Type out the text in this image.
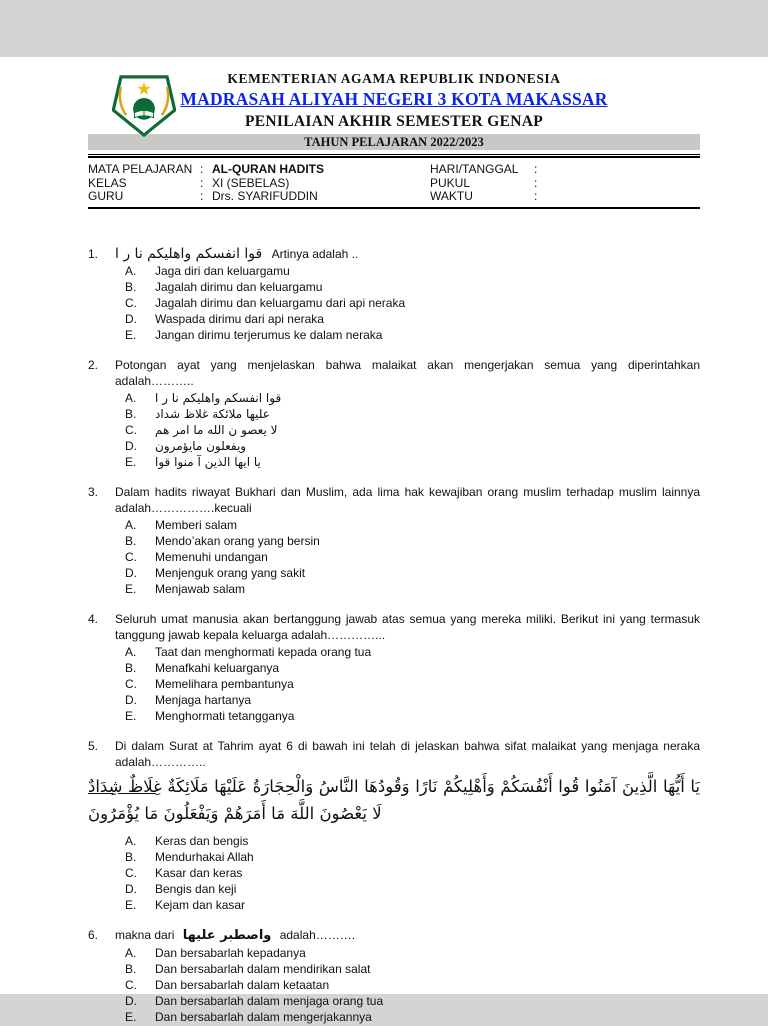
KEMENTERIAN AGAMA REPUBLIK INDONESIA
MADRASAH ALIYAH NEGERI 3 KOTA MAKASSAR
PENILAIAN AKHIR SEMESTER GENAP
TAHUN PELAJARAN 2022/2023
MATA PELAJARAN : AL-QURAN HADITS	HARI/TANGGAL	:
KELAS	: XI (SEBELAS)	PUKUL	:
GURU	: Drs. SYARIFUDDIN	WAKTU	:
1.	قوا انفسكم واهليكم نا ر ا Artinya adalah ..
A.	Jaga diri dan keluargamu
B.	Jagalah dirimu dan keluargamu
C.	Jagalah dirimu dan keluargamu dari api neraka
D.	Waspada dirimu dari api neraka
E.	Jangan dirimu terjerumus ke dalam neraka
2.	Potongan ayat yang menjelaskan bahwa malaikat akan mengerjakan semua yang diperintahkan adalah………..
A.	قوا انفسكم واهليكم نا ر ا
B.	عليها ملائكة غلاظ شداد
C.	لا يعصو ن الله ما امر هم
D.	ويفعلون مايؤمرون
E.	يا ايها الذين آ منوا قوا
3.	Dalam hadits riwayat Bukhari dan Muslim, ada lima hak kewajiban orang muslim terhadap muslim lainnya adalah…………….kecuali
A.	Memberi salam
B.	Mendo’akan orang yang bersin
C.	Memenuhi undangan
D.	Menjenguk orang yang sakit
E.	Menjawab salam
4.	Seluruh umat manusia akan bertanggung jawab atas semua yang mereka miliki. Berikut ini yang termasuk tanggung jawab kepala keluarga adalah…………...
A.	Taat dan menghormati kepada orang tua
B.	Menafkahi keluarganya
C.	Memelihara pembantunya
D.	Menjaga hartanya
E.	Menghormati tetangganya
5.	Di dalam Surat at Tahrim ayat 6 di bawah ini telah di jelaskan bahwa sifat malaikat yang menjaga neraka adalah…………..
يَا أَيُّهَا الَّذِينَ آمَنُوا قُوا أَنْفُسَكُمْ وَأَهْلِيكُمْ نَارًا وَقُودُهَا النَّاسُ وَالْحِجَارَةُ عَلَيْهَا مَلَائِكَةٌ غِلَاظٌ شِدَادٌ لَا يَعْصُونَ اللَّهَ مَا أَمَرَهُمْ وَيَفْعَلُونَ مَا يُؤْمَرُونَ
A.	Keras dan bengis
B.	Mendurhakai Allah
C.	Kasar dan keras
D.	Bengis dan keji
E.	Kejam dan kasar
6.	makna dari واصطبر عليها adalah……….
A.	Dan bersabarlah kepadanya
B.	Dan bersabarlah dalam mendirikan salat
C.	Dan bersabarlah dalam ketaatan
D.	Dan bersabarlah dalam menjaga orang tua
E.	Dan bersabarlah dalam mengerjakannya
